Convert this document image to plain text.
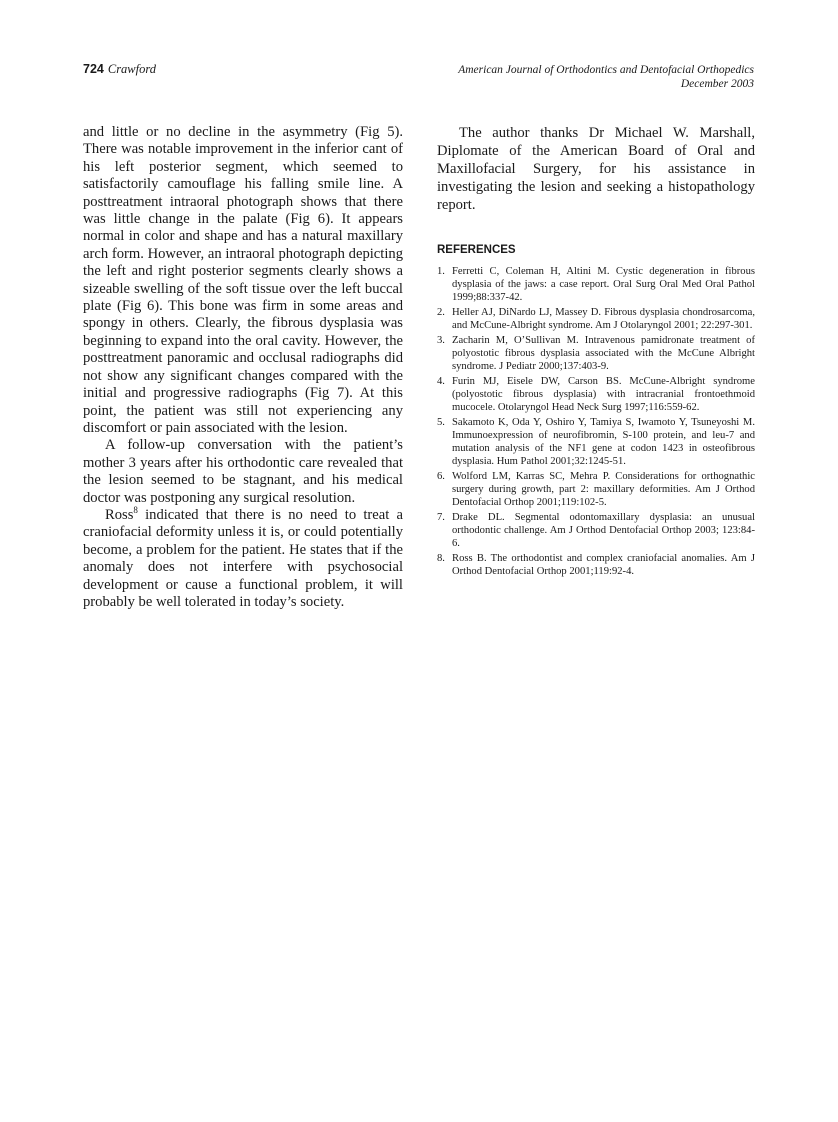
724 Crawford	American Journal of Orthodontics and Dentofacial Orthopedics
December 2003

and little or no decline in the asymmetry (Fig 5). There was notable improvement in the inferior cant of his left posterior segment, which seemed to satisfactorily camouflage his falling smile line. A posttreatment intraoral photograph shows that there was little change in the palate (Fig 6). It appears normal in color and shape and has a natural maxillary arch form. However, an intraoral photograph depicting the left and right posterior segments clearly shows a sizeable swelling of the soft tissue over the left buccal plate (Fig 6). This bone was firm in some areas and spongy in others. Clearly, the fibrous dysplasia was beginning to expand into the oral cavity. However, the posttreatment panoramic and occlusal radiographs did not show any significant changes compared with the initial and progressive radiographs (Fig 7). At this point, the patient was still not experiencing any discomfort or pain associated with the lesion.

A follow-up conversation with the patient’s mother 3 years after his orthodontic care revealed that the lesion seemed to be stagnant, and his medical doctor was postponing any surgical resolution.

Ross$^8$ indicated that there is no need to treat a craniofacial deformity unless it is, or could potentially become, a problem for the patient. He states that if the anomaly does not interfere with psychosocial development or cause a functional problem, it will probably be well tolerated in today’s society.

The author thanks Dr Michael W. Marshall, Diplomate of the American Board of Oral and Maxillofacial Surgery, for his assistance in investigating the lesion and seeking a histopathology report.

REFERENCES
1. Ferretti C, Coleman H, Altini M. Cystic degeneration in fibrous dysplasia of the jaws: a case report. Oral Surg Oral Med Oral Pathol 1999;88:337-42.
2. Heller AJ, DiNardo LJ, Massey D. Fibrous dysplasia chondrosarcoma, and McCune-Albright syndrome. Am J Otolaryngol 2001; 22:297-301.
3. Zacharin M, O’Sullivan M. Intravenous pamidronate treatment of polyostotic fibrous dysplasia associated with the McCune Albright syndrome. J Pediatr 2000;137:403-9.
4. Furin MJ, Eisele DW, Carson BS. McCune-Albright syndrome (polyostotic fibrous dysplasia) with intracranial frontoethmoid mucocele. Otolaryngol Head Neck Surg 1997;116:559-62.
5. Sakamoto K, Oda Y, Oshiro Y, Tamiya S, Iwamoto Y, Tsuneyoshi M. Immunoexpression of neurofibromin, S-100 protein, and leu-7 and mutation analysis of the NF1 gene at codon 1423 in osteofibrous dysplasia. Hum Pathol 2001;32:1245-51.
6. Wolford LM, Karras SC, Mehra P. Considerations for orthognathic surgery during growth, part 2: maxillary deformities. Am J Orthod Dentofacial Orthop 2001;119:102-5.
7. Drake DL. Segmental odontomaxillary dysplasia: an unusual orthodontic challenge. Am J Orthod Dentofacial Orthop 2003; 123:84-6.
8. Ross B. The orthodontist and complex craniofacial anomalies. Am J Orthod Dentofacial Orthop 2001;119:92-4.
